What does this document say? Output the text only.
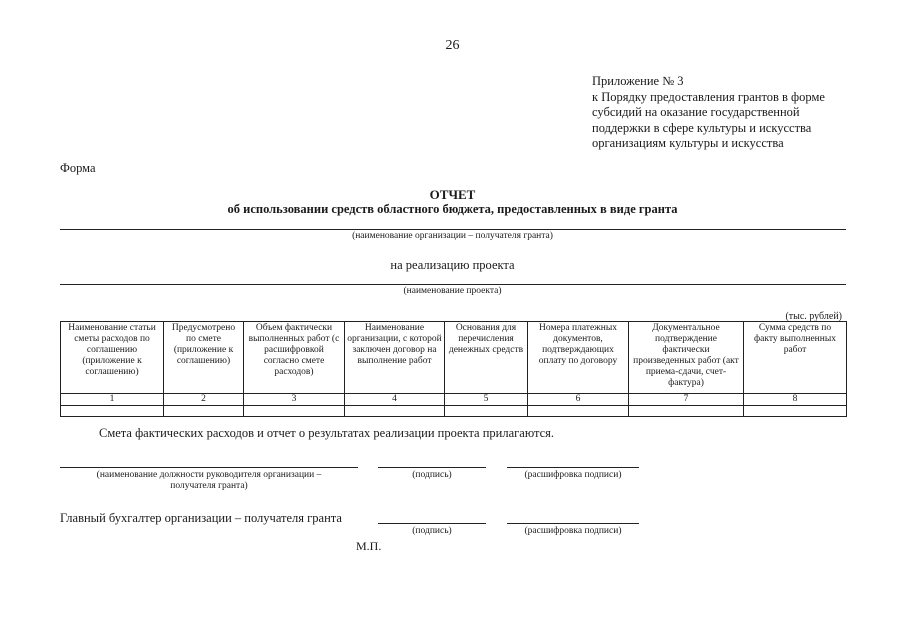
26
Приложение № 3
к Порядку предоставления грантов в форме
субсидий на оказание государственной
поддержки в сфере культуры и искусства
организациям культуры и искусства
Форма
ОТЧЕТ
об использовании средств областного бюджета, предоставленных в виде гранта
(наименование организации – получателя гранта)
на реализацию проекта
(наименование проекта)
(тыс. рублей)
Наименование статьи сметы расходов по соглашению (приложение к соглашению)	Предусмотрено по смете (приложение к соглашению)	Объем фактически выполненных работ (с расшифровкой согласно смете расходов)	Наименование организации, с которой заключен договор на выполнение работ	Основания для перечисления денежных средств	Номера платежных документов, подтверждающих оплату по договору	Документальное подтверждение фактически произведенных работ (акт приема-сдачи, счет-фактура)	Сумма средств по факту выполненных работ
1	2	3	4	5	6	7	8

Смета фактических расходов и отчет о результатах реализации проекта прилагаются.
(наименование должности руководителя организации –
получателя гранта)
(подпись)	(расшифровка подписи)
Главный бухгалтер организации – получателя гранта
(подпись)	(расшифровка подписи)
М.П.
